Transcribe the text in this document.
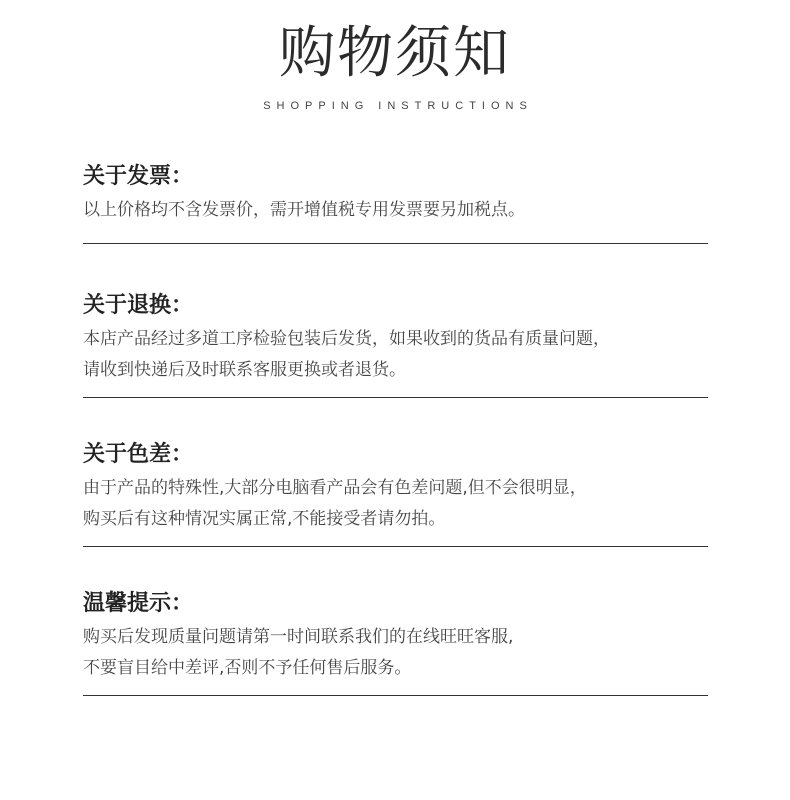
购物须知
SHOPPING INSTRUCTIONS
关于发票：
以上价格均不含发票价，需开增值税专用发票要另加税点。
关于退换：
本店产品经过多道工序检验包装后发货，如果收到的货品有质量问题，
请收到快递后及时联系客服更换或者退货。
关于色差：
由于产品的特殊性,大部分电脑看产品会有色差问题,但不会很明显，
购买后有这种情况实属正常,不能接受者请勿拍。
温馨提示：
购买后发现质量问题请第一时间联系我们的在线旺旺客服,
不要盲目给中差评,否则不予任何售后服务。
